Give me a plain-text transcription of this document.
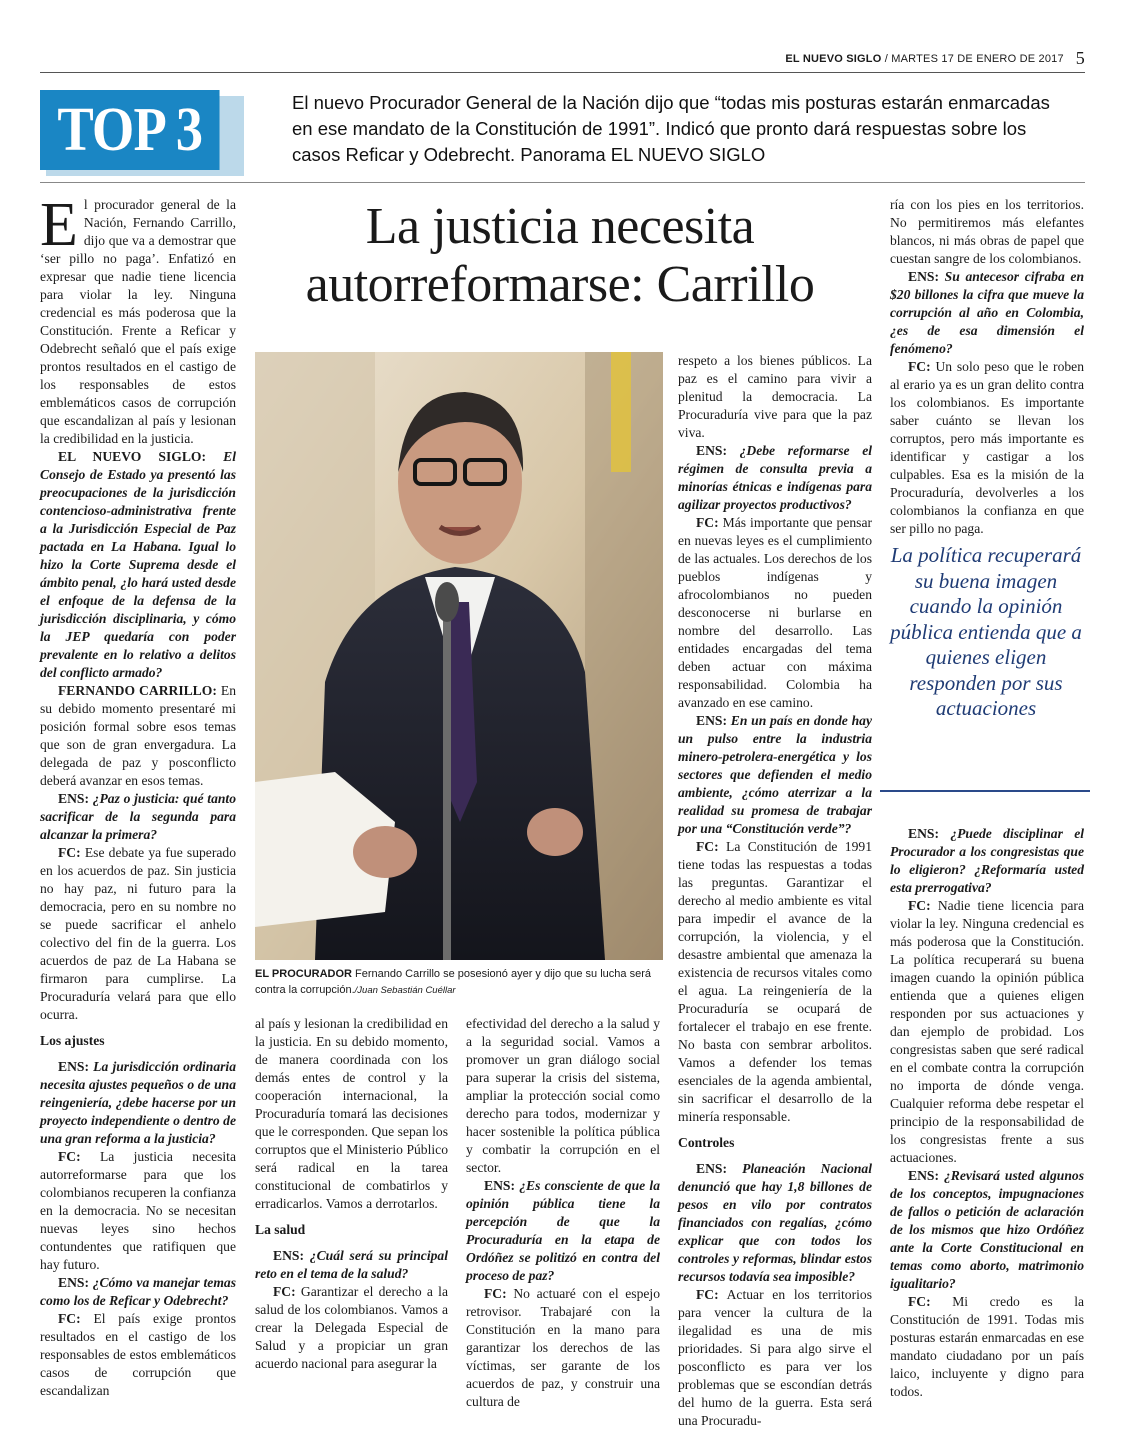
EL NUEVO SIGLO / MARTES 17 DE ENERO DE 2017 5
TOP 3	El nuevo Procurador General de la Nación dijo que “todas mis posturas estarán enmarcadas en ese mandato de la Constitución de 1991”. Indicó que pronto dará respuestas sobre los casos Reficar y Odebrecht. Panorama EL NUEVO SIGLO
La justicia necesita autorreformarse: Carrillo

El procurador general de la Nación, Fernando Carrillo, dijo que va a demostrar que ‘ser pillo no paga’. Enfatizó en expresar que nadie tiene licencia para violar la ley. Ninguna credencial es más poderosa que la Constitución. Frente a Reficar y Odebrecht señaló que el país exige prontos resultados en el castigo de los responsables de estos emblemáticos casos de corrupción que escandalizan al país y lesionan la credibilidad en la justicia.

EL NUEVO SIGLO: El Consejo de Estado ya presentó las preocupaciones de la jurisdicción contencioso-administrativa frente a la Jurisdicción Especial de Paz pactada en La Habana. Igual lo hizo la Corte Suprema desde el ámbito penal, ¿lo hará usted desde el enfoque de la defensa de la jurisdicción disciplinaria, y cómo la JEP quedaría con poder prevalente en lo relativo a delitos del conflicto armado?

FERNANDO CARRILLO: En su debido momento presentaré mi posición formal sobre esos temas que son de gran envergadura. La delegada de paz y posconflicto deberá avanzar en esos temas.

ENS: ¿Paz o justicia: qué tanto sacrificar de la segunda para alcanzar la primera?

FC: Ese debate ya fue superado en los acuerdos de paz. Sin justicia no hay paz, ni futuro para la democracia, pero en su nombre no se puede sacrificar el anhelo colectivo del fin de la guerra. Los acuerdos de paz de La Habana se firmaron para cumplirse. La Procuraduría velará para que ello ocurra.

Los ajustes

ENS: La jurisdicción ordinaria necesita ajustes pequeños o de una reingeniería, ¿debe hacerse por un proyecto independiente o dentro de una gran reforma a la justicia?

FC: La justicia necesita autorreformarse para que los colombianos recuperen la confianza en la democracia. No se necesitan nuevas leyes sino hechos contundentes que ratifiquen que hay futuro.

ENS: ¿Cómo va manejar temas como los de Reficar y Odebrecht?

FC: El país exige prontos resultados en el castigo de los responsables de estos emblemáticos casos de corrupción que escandalizan

EL PROCURADOR Fernando Carrillo se posesionó ayer y dijo que su lucha será contra la corrupción./Juan Sebastián Cuéllar

al país y lesionan la credibilidad en la justicia. En su debido momento, de manera coordinada con los demás entes de control y la cooperación internacional, la Procuraduría tomará las decisiones que le corresponden. Que sepan los corruptos que el Ministerio Público será radical en la tarea constitucional de combatirlos y erradicarlos. Vamos a derrotarlos.

La salud

ENS: ¿Cuál será su principal reto en el tema de la salud?

FC: Garantizar el derecho a la salud de los colombianos. Vamos a crear la Delegada Especial de Salud y a propiciar un gran acuerdo nacional para asegurar la

efectividad del derecho a la salud y a la seguridad social. Vamos a promover un gran diálogo social para superar la crisis del sistema, ampliar la protección social como derecho para todos, modernizar y hacer sostenible la política pública y combatir la corrupción en el sector.

ENS: ¿Es consciente de que la opinión pública tiene la percepción de que la Procuraduría en la etapa de Ordóñez se politizó en contra del proceso de paz?

FC: No actuaré con el espejo retrovisor. Trabajaré con la Constitución en la mano para garantizar los derechos de las víctimas, ser garante de los acuerdos de paz, y construir una cultura de

respeto a los bienes públicos. La paz es el camino para vivir a plenitud la democracia. La Procuraduría vive para que la paz viva.

ENS: ¿Debe reformarse el régimen de consulta previa a minorías étnicas e indígenas para agilizar proyectos productivos?

FC: Más importante que pensar en nuevas leyes es el cumplimiento de las actuales. Los derechos de los pueblos indígenas y afrocolombianos no pueden desconocerse ni burlarse en nombre del desarrollo. Las entidades encargadas del tema deben actuar con máxima responsabilidad. Colombia ha avanzado en ese camino.

ENS: En un país en donde hay un pulso entre la industria minero-petrolera-energética y los sectores que defienden el medio ambiente, ¿cómo aterrizar a la realidad su promesa de trabajar por una “Constitución verde”?

FC: La Constitución de 1991 tiene todas las respuestas a todas las preguntas. Garantizar el derecho al medio ambiente es vital para impedir el avance de la corrupción, la violencia, y el desastre ambiental que amenaza la existencia de recursos vitales como el agua. La reingeniería de la Procuraduría se ocupará de fortalecer el trabajo en ese frente. No basta con sembrar arbolitos. Vamos a defender los temas esenciales de la agenda ambiental, sin sacrificar el desarrollo de la minería responsable.

Controles

ENS: Planeación Nacional denunció que hay 1,8 billones de pesos en vilo por contratos financiados con regalías, ¿cómo explicar que con todos los controles y reformas, blindar estos recursos todavía sea imposible?

FC: Actuar en los territorios para vencer la cultura de la ilegalidad es una de mis prioridades. Si para algo sirve el posconflicto es para ver los problemas que se escondían detrás del humo de la guerra. Esta será una Procuradu-

ría con los pies en los territorios. No permitiremos más elefantes blancos, ni más obras de papel que cuestan sangre de los colombianos.

ENS: Su antecesor cifraba en $20 billones la cifra que mueve la corrupción al año en Colombia, ¿es de esa dimensión el fenómeno?

FC: Un solo peso que le roben al erario ya es un gran delito contra los colombianos. Es importante saber cuánto se llevan los corruptos, pero más importante es identificar y castigar a los culpables. Esa es la misión de la Procuraduría, devolverles a los colombianos la confianza en que ser pillo no paga.

La política recuperará su buena imagen cuando la opinión pública entienda que a quienes eligen responden por sus actuaciones

ENS: ¿Puede disciplinar el Procurador a los congresistas que lo eligieron? ¿Reformaría usted esta prerrogativa?

FC: Nadie tiene licencia para violar la ley. Ninguna credencial es más poderosa que la Constitución. La política recuperará su buena imagen cuando la opinión pública entienda que a quienes eligen responden por sus actuaciones y dan ejemplo de probidad. Los congresistas saben que seré radical en el combate contra la corrupción no importa de dónde venga. Cualquier reforma debe respetar el principio de la responsabilidad de los congresistas frente a sus actuaciones.

ENS: ¿Revisará usted algunos de los conceptos, impugnaciones de fallos o petición de aclaración de los mismos que hizo Ordóñez ante la Corte Constitucional en temas como aborto, matrimonio igualitario?

FC: Mi credo es la Constitución de 1991. Todas mis posturas estarán enmarcadas en ese mandato ciudadano por un país laico, incluyente y digno para todos.
